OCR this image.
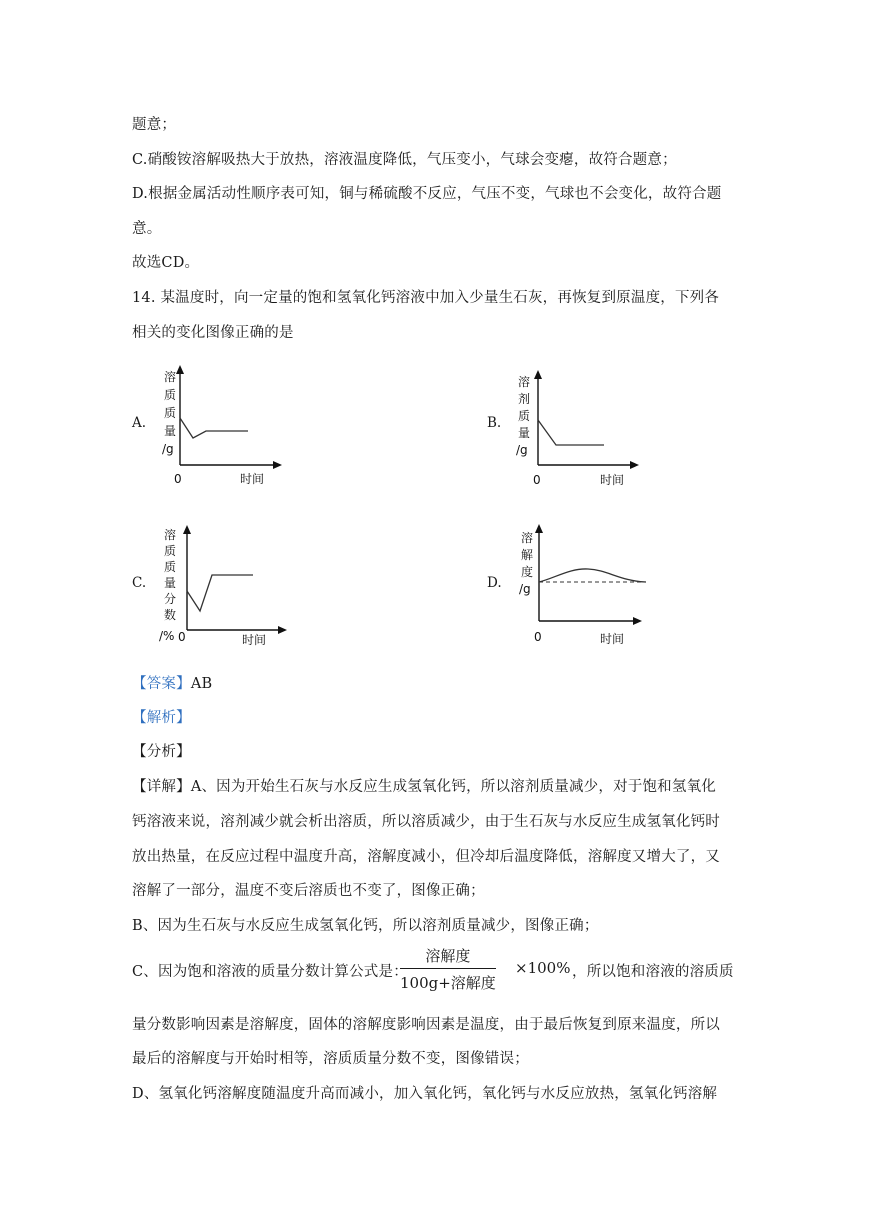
题意；
C.硝酸铵溶解吸热大于放热，溶液温度降低，气压变小，气球会变瘪，故符合题意；
D.根据金属活动性顺序表可知，铜与稀硫酸不反应，气压不变，气球也不会变化，故符合题
意。
故选CD。
14. 某温度时，向一定量的饱和氢氧化钙溶液中加入少量生石灰，再恢复到原温度，下列各
相关的变化图像正确的是
A.
溶
质
质
量
/g
0	时间
B.
溶
剂
质
量
/g
0	时间
C.
溶
质
质
量
分
数
/% 0	时间
D.
溶
解
度
/g
0	时间
【答案】AB
【解析】
【分析】
【详解】A、因为开始生石灰与水反应生成氢氧化钙，所以溶剂质量减少，对于饱和氢氧化
钙溶液来说，溶剂减少就会析出溶质，所以溶质减少，由于生石灰与水反应生成氢氧化钙时
放出热量，在反应过程中温度升高，溶解度减小，但冷却后温度降低，溶解度又增大了，又
溶解了一部分，温度不变后溶质也不变了，图像正确；
B、因为生石灰与水反应生成氢氧化钙，所以溶剂质量减少，图像正确；
C、因为饱和溶液的质量分数计算公式是：
溶解度
100g+溶解度
×100% ，所以饱和溶液的溶质质
量分数影响因素是溶解度，固体的溶解度影响因素是温度，由于最后恢复到原来温度，所以
最后的溶解度与开始时相等，溶质质量分数不变，图像错误；
D、氢氧化钙溶解度随温度升高而减小，加入氧化钙，氧化钙与水反应放热，氢氧化钙溶解
